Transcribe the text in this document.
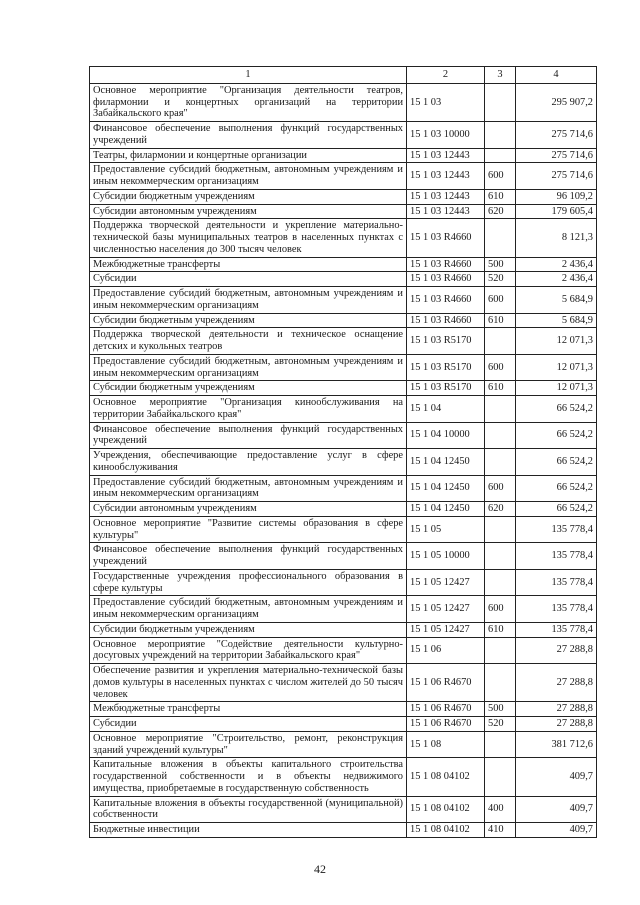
1	2	3	4
Основное мероприятие "Организация деятельности театров, филармонии и концертных организаций на территории Забайкальского края"	15 1 03		295 907,2
Финансовое обеспечение выполнения функций государственных учреждений	15 1 03 10000		275 714,6
Театры, филармонии и концертные организации	15 1 03 12443		275 714,6
Предоставление субсидий бюджетным, автономным учреждениям и иным некоммерческим организациям	15 1 03 12443	600	275 714,6
Субсидии бюджетным учреждениям	15 1 03 12443	610	96 109,2
Субсидии автономным учреждениям	15 1 03 12443	620	179 605,4
Поддержка творческой деятельности и укрепление материально-технической базы муниципальных театров в населенных пунктах с численностью населения до 300 тысяч человек	15 1 03 R4660		8 121,3
Межбюджетные трансферты	15 1 03 R4660	500	2 436,4
Субсидии	15 1 03 R4660	520	2 436,4
Предоставление субсидий бюджетным, автономным учреждениям и иным некоммерческим организациям	15 1 03 R4660	600	5 684,9
Субсидии бюджетным учреждениям	15 1 03 R4660	610	5 684,9
Поддержка творческой деятельности и техническое оснащение детских и кукольных театров	15 1 03 R5170		12 071,3
Предоставление субсидий бюджетным, автономным учреждениям и иным некоммерческим организациям	15 1 03 R5170	600	12 071,3
Субсидии бюджетным учреждениям	15 1 03 R5170	610	12 071,3
Основное мероприятие "Организация кинообслуживания на территории Забайкальского края"	15 1 04		66 524,2
Финансовое обеспечение выполнения функций государственных учреждений	15 1 04 10000		66 524,2
Учреждения, обеспечивающие предоставление услуг в сфере кинообслуживания	15 1 04 12450		66 524,2
Предоставление субсидий бюджетным, автономным учреждениям и иным некоммерческим организациям	15 1 04 12450	600	66 524,2
Субсидии автономным учреждениям	15 1 04 12450	620	66 524,2
Основное мероприятие "Развитие системы образования в сфере культуры"	15 1 05		135 778,4
Финансовое обеспечение выполнения функций государственных учреждений	15 1 05 10000		135 778,4
Государственные учреждения профессионального образования в сфере культуры	15 1 05 12427		135 778,4
Предоставление субсидий бюджетным, автономным учреждениям и иным некоммерческим организациям	15 1 05 12427	600	135 778,4
Субсидии бюджетным учреждениям	15 1 05 12427	610	135 778,4
Основное мероприятие "Содействие деятельности культурно-досуговых учреждений на территории Забайкальского края"	15 1 06		27 288,8
Обеспечение развития и укрепления материально-технической базы домов культуры в населенных пунктах с числом жителей до 50 тысяч человек	15 1 06 R4670		27 288,8
Межбюджетные трансферты	15 1 06 R4670	500	27 288,8
Субсидии	15 1 06 R4670	520	27 288,8
Основное мероприятие "Строительство, ремонт, реконструкция зданий учреждений культуры"	15 1 08		381 712,6
Капитальные вложения в объекты капитального строительства государственной собственности и в объекты недвижимого имущества, приобретаемые в государственную собственность	15 1 08 04102		409,7
Капитальные вложения в объекты государственной (муниципальной) собственности	15 1 08 04102	400	409,7
Бюджетные инвестиции	15 1 08 04102	410	409,7
42
